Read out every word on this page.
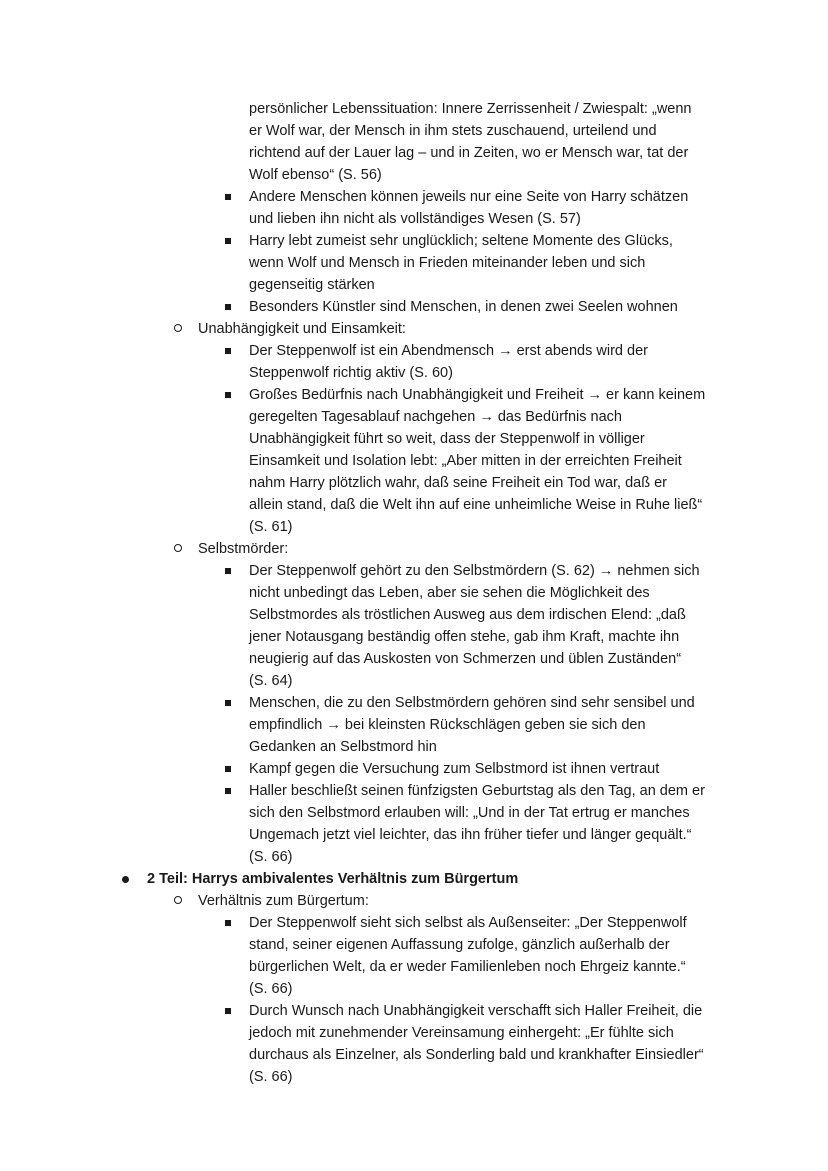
persönlicher Lebenssituation: Innere Zerrissenheit / Zwiespalt: „wenn
er Wolf war, der Mensch in ihm stets zuschauend, urteilend und
richtend auf der Lauer lag – und in Zeiten, wo er Mensch war, tat der
Wolf ebenso“ (S. 56)
Andere Menschen können jeweils nur eine Seite von Harry schätzen
und lieben ihn nicht als vollständiges Wesen (S. 57)
Harry lebt zumeist sehr unglücklich; seltene Momente des Glücks,
wenn Wolf und Mensch in Frieden miteinander leben und sich
gegenseitig stärken
Besonders Künstler sind Menschen, in denen zwei Seelen wohnen
Unabhängigkeit und Einsamkeit:
Der Steppenwolf ist ein Abendmensch → erst abends wird der
Steppenwolf richtig aktiv (S. 60)
Großes Bedürfnis nach Unabhängigkeit und Freiheit → er kann keinem
geregelten Tagesablauf nachgehen → das Bedürfnis nach
Unabhängigkeit führt so weit, dass der Steppenwolf in völliger
Einsamkeit und Isolation lebt: „Aber mitten in der erreichten Freiheit
nahm Harry plötzlich wahr, daß seine Freiheit ein Tod war, daß er
allein stand, daß die Welt ihn auf eine unheimliche Weise in Ruhe ließ“
(S. 61)
Selbstmörder:
Der Steppenwolf gehört zu den Selbstmördern (S. 62) → nehmen sich
nicht unbedingt das Leben, aber sie sehen die Möglichkeit des
Selbstmordes als tröstlichen Ausweg aus dem irdischen Elend: „daß
jener Notausgang beständig offen stehe, gab ihm Kraft, machte ihn
neugierig auf das Auskosten von Schmerzen und üblen Zuständen“
(S. 64)
Menschen, die zu den Selbstmördern gehören sind sehr sensibel und
empfindlich → bei kleinsten Rückschlägen geben sie sich den
Gedanken an Selbstmord hin
Kampf gegen die Versuchung zum Selbstmord ist ihnen vertraut
Haller beschließt seinen fünfzigsten Geburtstag als den Tag, an dem er
sich den Selbstmord erlauben will: „Und in der Tat ertrug er manches
Ungemach jetzt viel leichter, das ihn früher tiefer und länger gequält.“
(S. 66)
2 Teil: Harrys ambivalentes Verhältnis zum Bürgertum
Verhältnis zum Bürgertum:
Der Steppenwolf sieht sich selbst als Außenseiter: „Der Steppenwolf
stand, seiner eigenen Auffassung zufolge, gänzlich außerhalb der
bürgerlichen Welt, da er weder Familienleben noch Ehrgeiz kannte.“
(S. 66)
Durch Wunsch nach Unabhängigkeit verschafft sich Haller Freiheit, die
jedoch mit zunehmender Vereinsamung einhergeht: „Er fühlte sich
durchaus als Einzelner, als Sonderling bald und krankhafter Einsiedler“
(S. 66)
